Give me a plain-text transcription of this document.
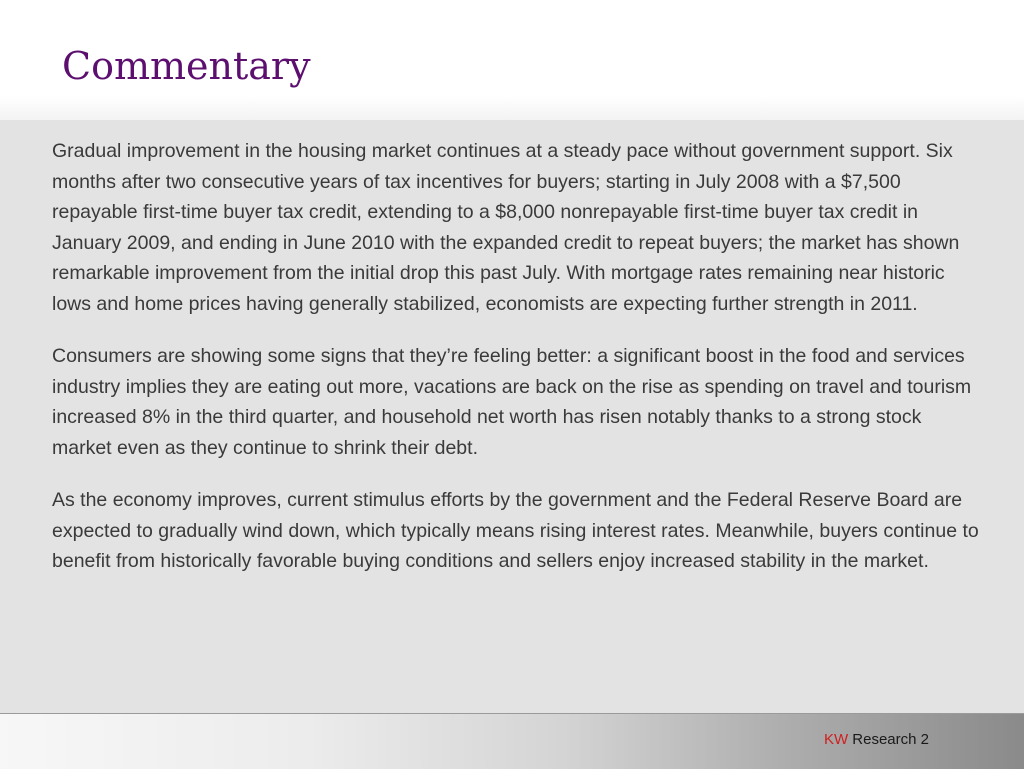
Commentary

Gradual improvement in the housing market continues at a steady pace without government support. Six months after two consecutive years of tax incentives for buyers; starting in July 2008 with a $7,500 repayable first-time buyer tax credit, extending to a $8,000 nonrepayable first-time buyer tax credit in January 2009, and ending in June 2010 with the expanded credit to repeat buyers; the market has shown remarkable improvement from the initial drop this past July. With mortgage rates remaining near historic lows and home prices having generally stabilized, economists are expecting further strength in 2011.

Consumers are showing some signs that they’re feeling better: a significant boost in the food and services industry implies they are eating out more, vacations are back on the rise as spending on travel and tourism increased 8% in the third quarter, and household net worth has risen notably thanks to a strong stock market even as they continue to shrink their debt.

As the economy improves, current stimulus efforts by the government and the Federal Reserve Board are expected to gradually wind down, which typically means rising interest rates. Meanwhile, buyers continue to benefit from historically favorable buying conditions and sellers enjoy increased stability in the market.

KW Research 2
